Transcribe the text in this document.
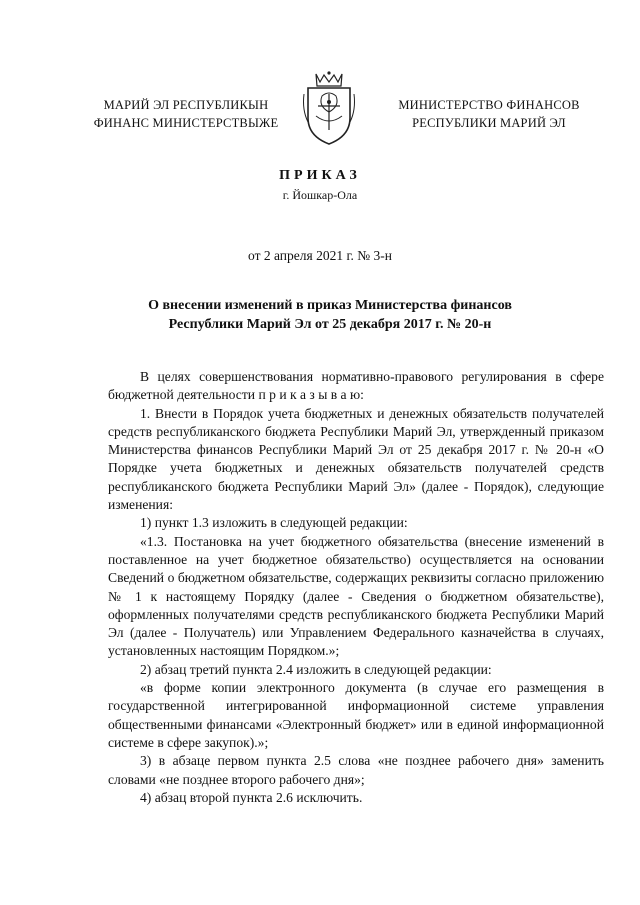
МАРИЙ ЭЛ РЕСПУБЛИКЫН
ФИНАНС МИНИСТЕРСТВЫЖЕ
МИНИСТЕРСТВО ФИНАНСОВ
РЕСПУБЛИКИ МАРИЙ ЭЛ
ПРИКАЗ
г. Йошкар-Ола
от 2 апреля 2021 г. № 3-н
О внесении изменений в приказ Министерства финансов
Республики Марий Эл от 25 декабря 2017 г. № 20-н

В целях совершенствования нормативно-правового регулирования в сфере бюджетной деятельности п р и к а з ы в а ю:

1. Внести в Порядок учета бюджетных и денежных обязательств получателей средств республиканского бюджета Республики Марий Эл, утвержденный приказом Министерства финансов Республики Марий Эл от 25 декабря 2017 г. № 20-н «О Порядке учета бюджетных и денежных обязательств получателей средств республиканского бюджета Республики Марий Эл» (далее - Порядок), следующие изменения:

1) пункт 1.3 изложить в следующей редакции:

«1.3. Постановка на учет бюджетного обязательства (внесение изменений в поставленное на учет бюджетное обязательство) осуществляется на основании Сведений о бюджетном обязательстве, содержащих реквизиты согласно приложению № 1 к настоящему Порядку (далее - Сведения о бюджетном обязательстве), оформленных получателями средств республиканского бюджета Республики Марий Эл (далее - Получатель) или Управлением Федерального казначейства в случаях, установленных настоящим Порядком.»;

2) абзац третий пункта 2.4 изложить в следующей редакции:

«в форме копии электронного документа (в случае его размещения в государственной интегрированной информационной системе управления общественными финансами «Электронный бюджет» или в единой информационной системе в сфере закупок).»;

3) в абзаце первом пункта 2.5 слова «не позднее рабочего дня» заменить словами «не позднее второго рабочего дня»;

4) абзац второй пункта 2.6 исключить.
